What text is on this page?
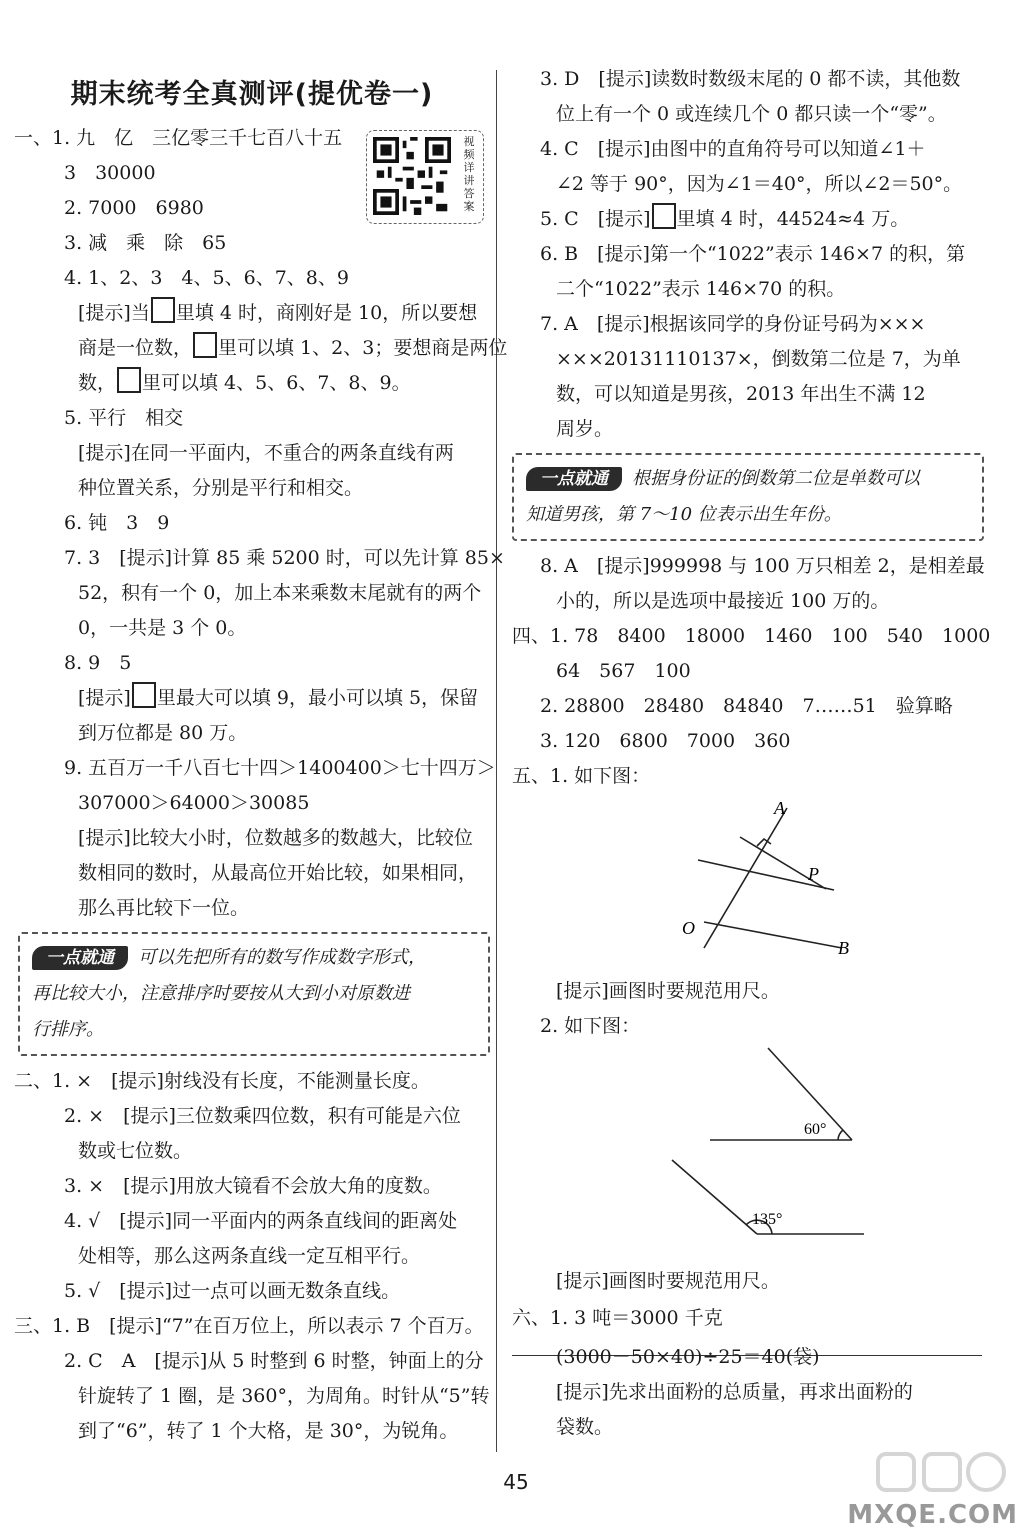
期末统考全真测评(提优卷一)
视频详讲答案
一、1. 九　亿　三亿零三千七百八十五
3　30000
2. 7000　6980
3. 减　乘　除　65
4. 1、2、3　4、5、6、7、8、9
[提示]当 里填 4 时，商刚好是 10，所以要想
商是一位数， 里可以填 1、2、3；要想商是两位
数， 里可以填 4、5、6、7、8、9。
5. 平行　相交
[提示]在同一平面内，不重合的两条直线有两
种位置关系，分别是平行和相交。
6. 钝　3　9
7. 3　[提示]计算 85 乘 5200 时，可以先计算 85×
52，积有一个 0，加上本来乘数末尾就有的两个
0，一共是 3 个 0。
8. 9　5
[提示] 里最大可以填 9，最小可以填 5，保留
到万位都是 80 万。
9. 五百万一千八百七十四＞1400400＞七十四万＞
307000＞64000＞30085
[提示]比较大小时，位数越多的数越大，比较位
数相同的数时，从最高位开始比较，如果相同，
那么再比较下一位。
一点就通 可以先把所有的数写作成数字形式，
再比较大小，注意排序时要按从大到小对原数进
行排序。
二、1. ×　[提示]射线没有长度，不能测量长度。
2. ×　[提示]三位数乘四位数，积有可能是六位
数或七位数。
3. ×　[提示]用放大镜看不会放大角的度数。
4. √　[提示]同一平面内的两条直线间的距离处
处相等，那么这两条直线一定互相平行。
5. √　[提示]过一点可以画无数条直线。
三、1. B　[提示]“7”在百万位上，所以表示 7 个百万。
2. C　A　[提示]从 5 时整到 6 时整，钟面上的分
针旋转了 1 圈，是 360°，为周角。时针从“5”转
到了“6”，转了 1 个大格，是 30°，为锐角。
3. D　[提示]读数时数级末尾的 0 都不读，其他数
位上有一个 0 或连续几个 0 都只读一个“零”。
4. C　[提示]由图中的直角符号可以知道∠1＋
∠2 等于 90°，因为∠1＝40°，所以∠2＝50°。
5. C　[提示] 里填 4 时，44524≈4 万。
6. B　[提示]第一个“1022”表示 146×7 的积，第
二个“1022”表示 146×70 的积。
7. A　[提示]根据该同学的身份证号码为×××
×××20131110137×，倒数第二位是 7，为单
数，可以知道是男孩，2013 年出生不满 12
周岁。
一点就通 根据身份证的倒数第二位是单数可以
知道男孩，第 7～10 位表示出生年份。
8. A　[提示]999998 与 100 万只相差 2，是相差最
小的，所以是选项中最接近 100 万的。
四、1. 78　8400　18000　1460　100　540　1000
64　567　100
2. 28800　28480　84840　7……51　验算略
3. 120　6800　7000　360
五、1. 如下图：
A
P
O
B
[提示]画图时要规范用尺。
2. 如下图：
60°
135°
[提示]画图时要规范用尺。
六、1. 3 吨＝3000 千克
(3000－50×40)÷25＝40(袋)
[提示]先求出面粉的总质量，再求出面粉的
袋数。
45
MXQE.COM
